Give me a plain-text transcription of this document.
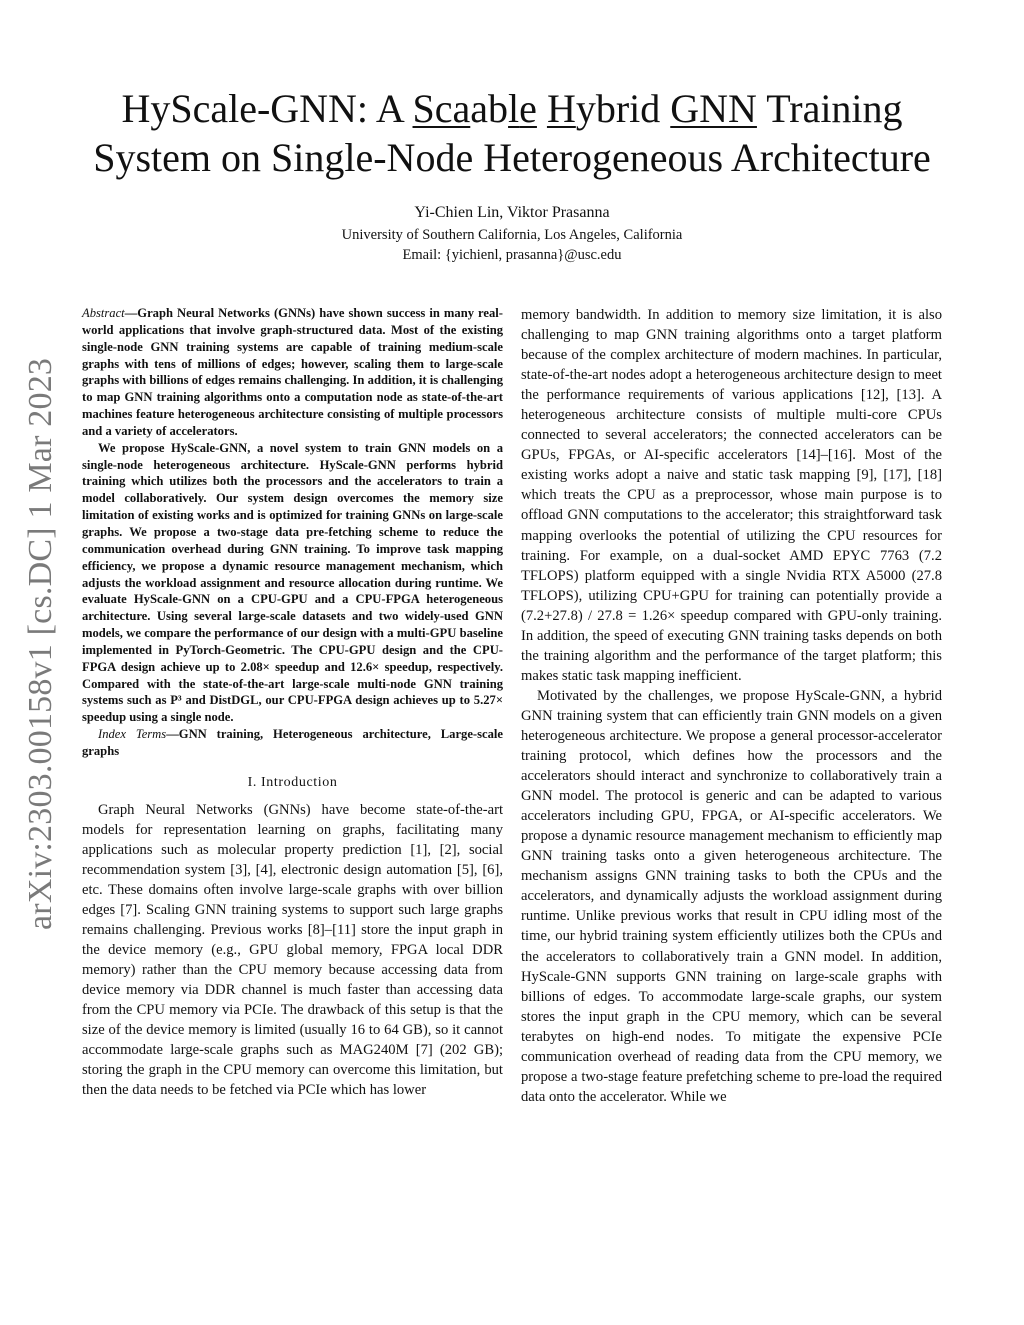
arXiv:2303.00158v1 [cs.DC] 1 Mar 2023
HyScale-GNN: A Scaable Hybrid GNN Training
System on Single-Node Heterogeneous Architecture
Yi-Chien Lin, Viktor Prasanna
University of Southern California, Los Angeles, California
Email: {yichienl, prasanna}@usc.edu

Abstract—Graph Neural Networks (GNNs) have shown success in many real-world applications that involve graph-structured data. Most of the existing single-node GNN training systems are capable of training medium-scale graphs with tens of millions of edges; however, scaling them to large-scale graphs with billions of edges remains challenging. In addition, it is challenging to map GNN training algorithms onto a computation node as state-of-the-art machines feature heterogeneous architecture consisting of multiple processors and a variety of accelerators.

We propose HyScale-GNN, a novel system to train GNN models on a single-node heterogeneous architecture. HyScale-GNN performs hybrid training which utilizes both the processors and the accelerators to train a model collaboratively. Our system design overcomes the memory size limitation of existing works and is optimized for training GNNs on large-scale graphs. We propose a two-stage data pre-fetching scheme to reduce the communication overhead during GNN training. To improve task mapping efficiency, we propose a dynamic resource management mechanism, which adjusts the workload assignment and resource allocation during runtime. We evaluate HyScale-GNN on a CPU-GPU and a CPU-FPGA heterogeneous architecture. Using several large-scale datasets and two widely-used GNN models, we compare the performance of our design with a multi-GPU baseline implemented in PyTorch-Geometric. The CPU-GPU design and the CPU-FPGA design achieve up to 2.08× speedup and 12.6× speedup, respectively. Compared with the state-of-the-art large-scale multi-node GNN training systems such as P³ and DistDGL, our CPU-FPGA design achieves up to 5.27× speedup using a single node.

Index Terms—GNN training, Heterogeneous architecture, Large-scale graphs

I. Introduction

Graph Neural Networks (GNNs) have become state-of-the-art models for representation learning on graphs, facilitating many applications such as molecular property prediction [1], [2], social recommendation system [3], [4], electronic design automation [5], [6], etc. These domains often involve large-scale graphs with over billion edges [7]. Scaling GNN training systems to support such large graphs remains challenging. Previous works [8]–[11] store the input graph in the device memory (e.g., GPU global memory, FPGA local DDR memory) rather than the CPU memory because accessing data from device memory via DDR channel is much faster than accessing data from the CPU memory via PCIe. The drawback of this setup is that the size of the device memory is limited (usually 16 to 64 GB), so it cannot accommodate large-scale graphs such as MAG240M [7] (202 GB); storing the graph in the CPU memory can overcome this limitation, but then the data needs to be fetched via PCIe which has lower

memory bandwidth. In addition to memory size limitation, it is also challenging to map GNN training algorithms onto a target platform because of the complex architecture of modern machines. In particular, state-of-the-art nodes adopt a heterogeneous architecture design to meet the performance requirements of various applications [12], [13]. A heterogeneous architecture consists of multiple multi-core CPUs connected to several accelerators; the connected accelerators can be GPUs, FPGAs, or AI-specific accelerators [14]–[16]. Most of the existing works adopt a naive and static task mapping [9], [17], [18] which treats the CPU as a preprocessor, whose main purpose is to offload GNN computations to the accelerator; this straightforward task mapping overlooks the potential of utilizing the CPU resources for training. For example, on a dual-socket AMD EPYC 7763 (7.2 TFLOPS) platform equipped with a single Nvidia RTX A5000 (27.8 TFLOPS), utilizing CPU+GPU for training can potentially provide a (7.2+27.8) / 27.8 = 1.26× speedup compared with GPU-only training. In addition, the speed of executing GNN training tasks depends on both the training algorithm and the performance of the target platform; this makes static task mapping inefficient.

Motivated by the challenges, we propose HyScale-GNN, a hybrid GNN training system that can efficiently train GNN models on a given heterogeneous architecture. We propose a general processor-accelerator training protocol, which defines how the processors and the accelerators should interact and synchronize to collaboratively train a GNN model. The protocol is generic and can be adapted to various accelerators including GPU, FPGA, or AI-specific accelerators. We propose a dynamic resource management mechanism to efficiently map GNN training tasks onto a given heterogeneous architecture. The mechanism assigns GNN training tasks to both the CPUs and the accelerators, and dynamically adjusts the workload assignment during runtime. Unlike previous works that result in CPU idling most of the time, our hybrid training system efficiently utilizes both the CPUs and the accelerators to collaboratively train a GNN model. In addition, HyScale-GNN supports GNN training on large-scale graphs with billions of edges. To accommodate large-scale graphs, our system stores the input graph in the CPU memory, which can be several terabytes on high-end nodes. To mitigate the expensive PCIe communication overhead of reading data from the CPU memory, we propose a two-stage feature prefetching scheme to pre-load the required data onto the accelerator. While we
